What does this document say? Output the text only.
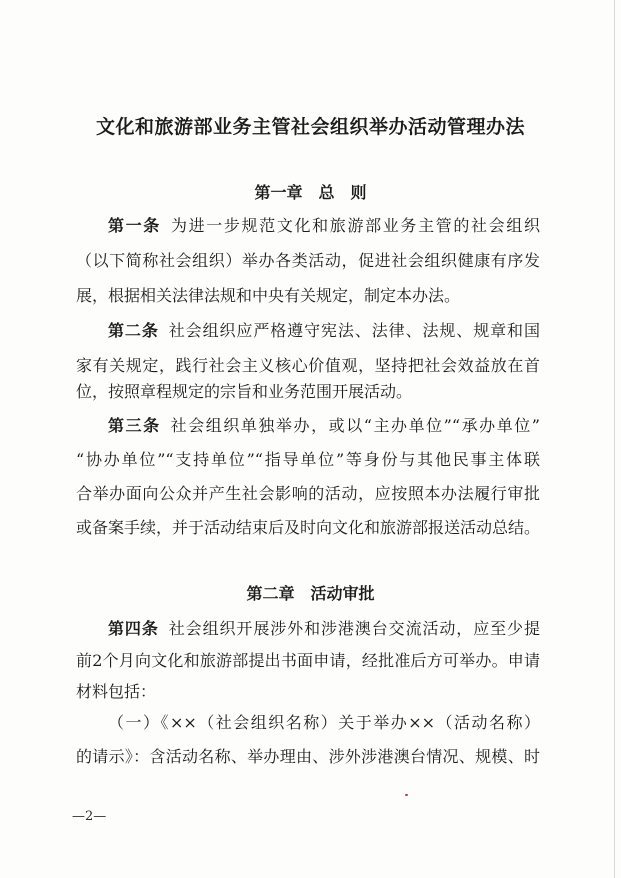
文化和旅游部业务主管社会组织举办活动管理办法
第一章 总　则
第一条 为进一步规范文化和旅游部业务主管的社会组织
（以下简称社会组织）举办各类活动，促进社会组织健康有序发
展，根据相关法律法规和中央有关规定，制定本办法。
第二条 社会组织应严格遵守宪法、法律、法规、规章和国
家有关规定，践行社会主义核心价值观，坚持把社会效益放在首
位，按照章程规定的宗旨和业务范围开展活动。
第三条 社会组织单独举办，或以“主办单位”“承办单位”
“协办单位”“支持单位”“指导单位”等身份与其他民事主体联
合举办面向公众并产生社会影响的活动，应按照本办法履行审批
或备案手续，并于活动结束后及时向文化和旅游部报送活动总结。
第二章 活动审批
第四条 社会组织开展涉外和涉港澳台交流活动，应至少提
前2个月向文化和旅游部提出书面申请，经批准后方可举办。申请
材料包括：
（一）《××（社会组织名称）关于举办××（活动名称）
的请示》：含活动名称、举办理由、涉外涉港澳台情况、规模、时
—2—
